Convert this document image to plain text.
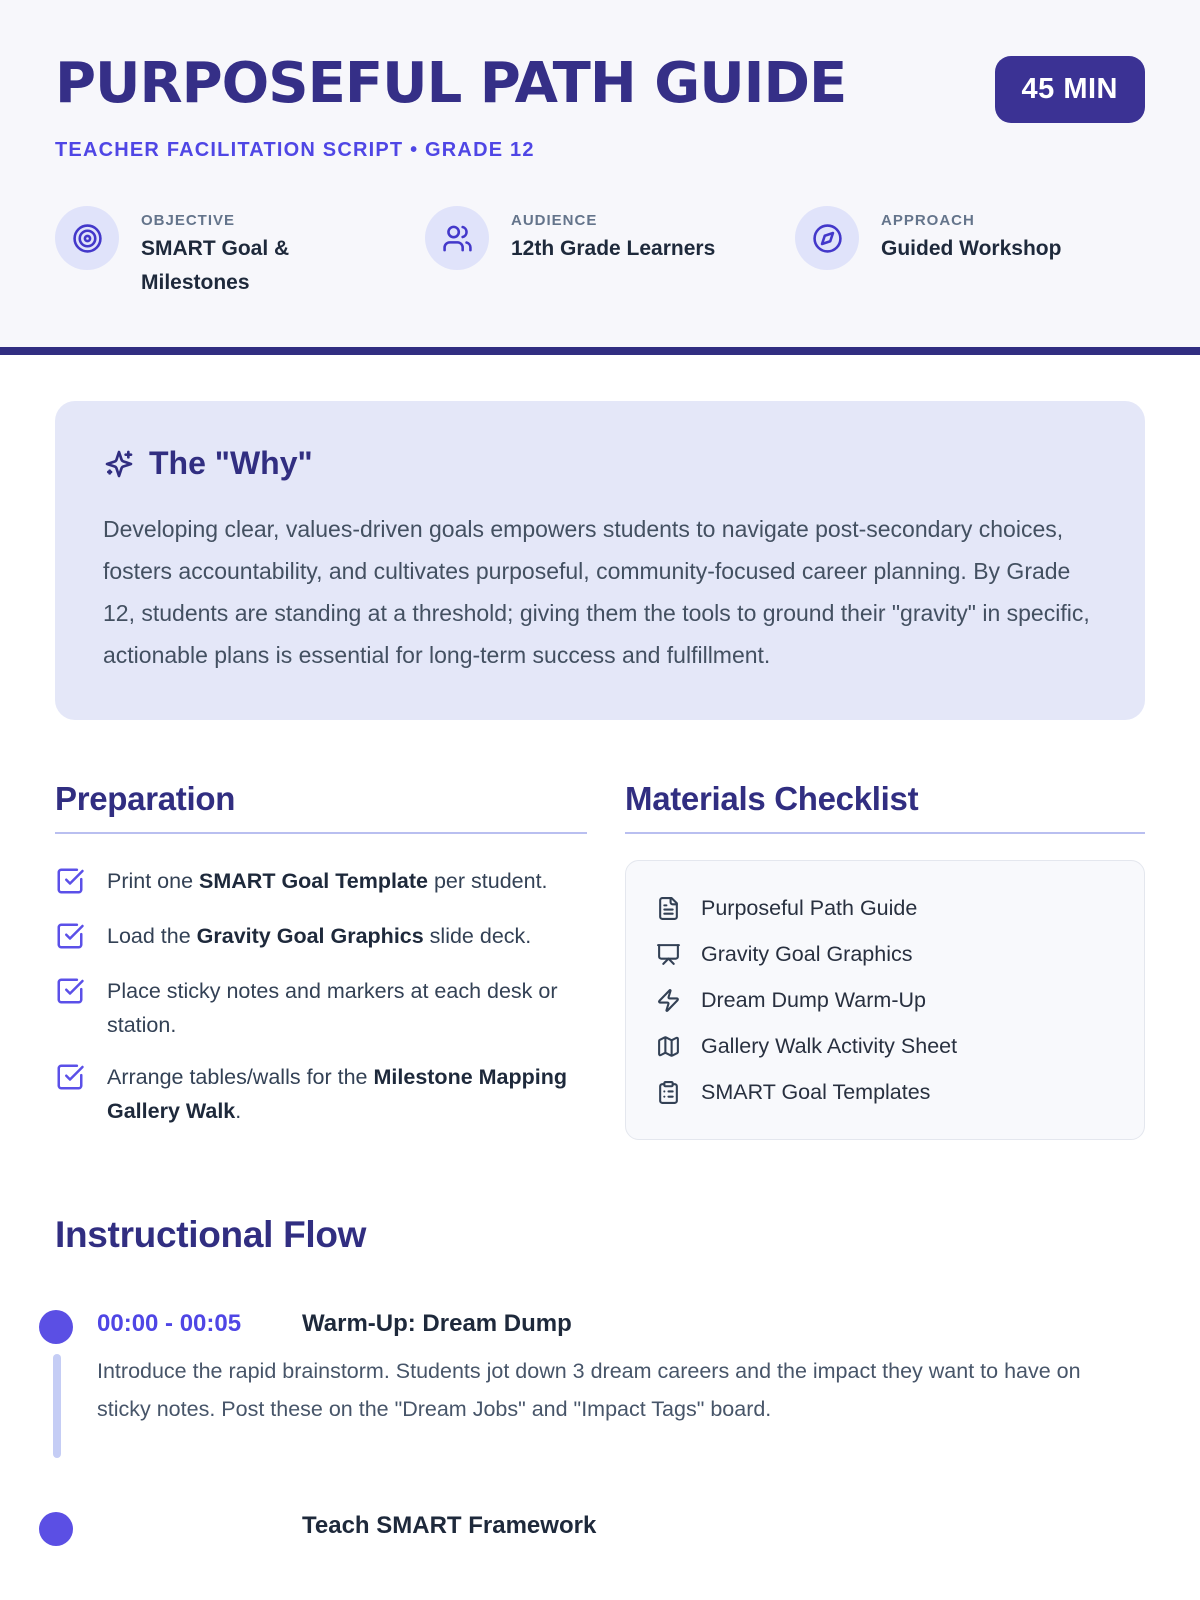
PURPOSEFUL PATH GUIDE	45 MIN
TEACHER FACILITATION SCRIPT • GRADE 12
OBJECTIVE
SMART Goal & Milestones
AUDIENCE
12th Grade Learners
APPROACH
Guided Workshop
The "Why"

Developing clear, values-driven goals empowers students to navigate post-secondary choices, fosters accountability, and cultivates purposeful, community-focused career planning. By Grade 12, students are standing at a threshold; giving them the tools to ground their "gravity" in specific, actionable plans is essential for long-term success and fulfillment.

Preparation
Print one SMART Goal Template per student.
Load the Gravity Goal Graphics slide deck.
Place sticky notes and markers at each desk or station.
Arrange tables/walls for the Milestone Mapping Gallery Walk.
Materials Checklist
Purposeful Path Guide
Gravity Goal Graphics
Dream Dump Warm-Up
Gallery Walk Activity Sheet
SMART Goal Templates
Instructional Flow
00:00 - 00:05	Warm-Up: Dream Dump

Introduce the rapid brainstorm. Students jot down 3 dream careers and the impact they want to have on sticky notes. Post these on the "Dream Jobs" and "Impact Tags" board.

Teach SMART Framework
